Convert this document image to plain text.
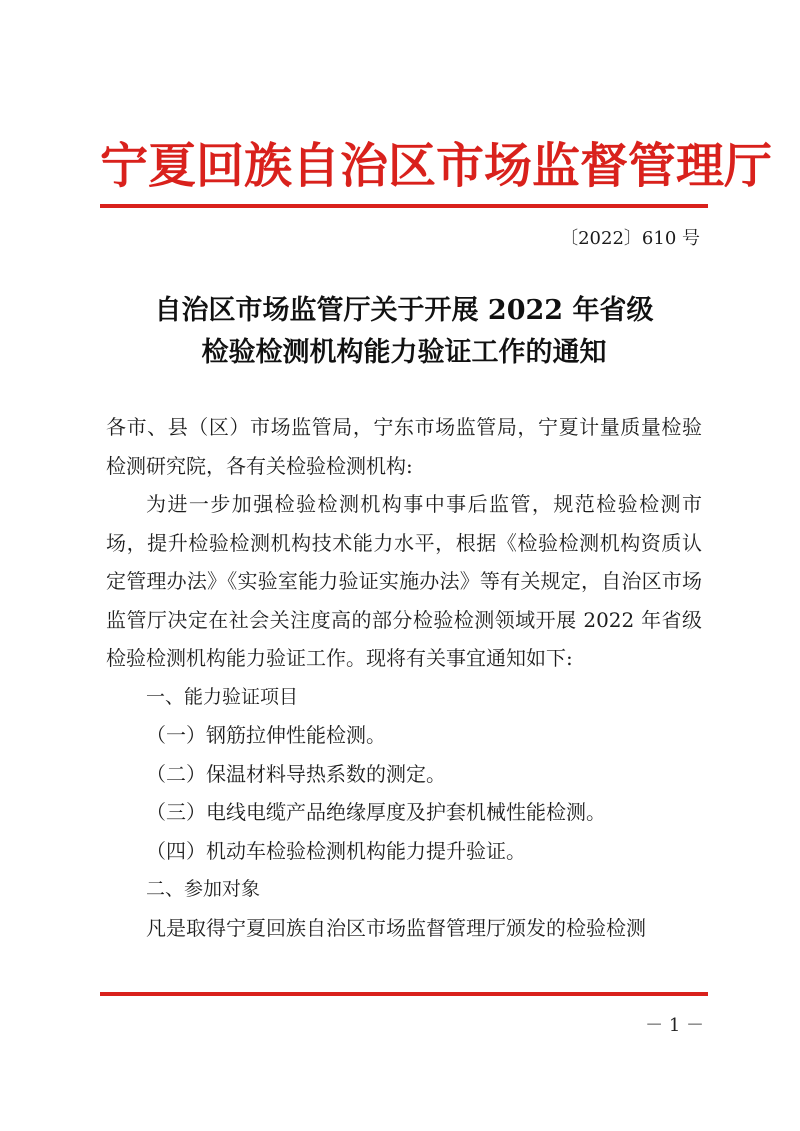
宁夏回族自治区市场监督管理厅
〔2022〕610 号
自治区市场监管厅关于开展 2022 年省级
检验检测机构能力验证工作的通知

各市、县（区）市场监管局，宁东市场监管局，宁夏计量质量检验检测研究院，各有关检验检测机构:

为进一步加强检验检测机构事中事后监管，规范检验检测市场，提升检验检测机构技术能力水平，根据《检验检测机构资质认定管理办法》《实验室能力验证实施办法》等有关规定，自治区市场监管厅决定在社会关注度高的部分检验检测领域开展 2022 年省级检验检测机构能力验证工作。现将有关事宜通知如下:

一、能力验证项目

（一）钢筋拉伸性能检测。

（二）保温材料导热系数的测定。

（三）电线电缆产品绝缘厚度及护套机械性能检测。

（四）机动车检验检测机构能力提升验证。

二、参加对象

凡是取得宁夏回族自治区市场监督管理厅颁发的检验检测

－ 1 －
